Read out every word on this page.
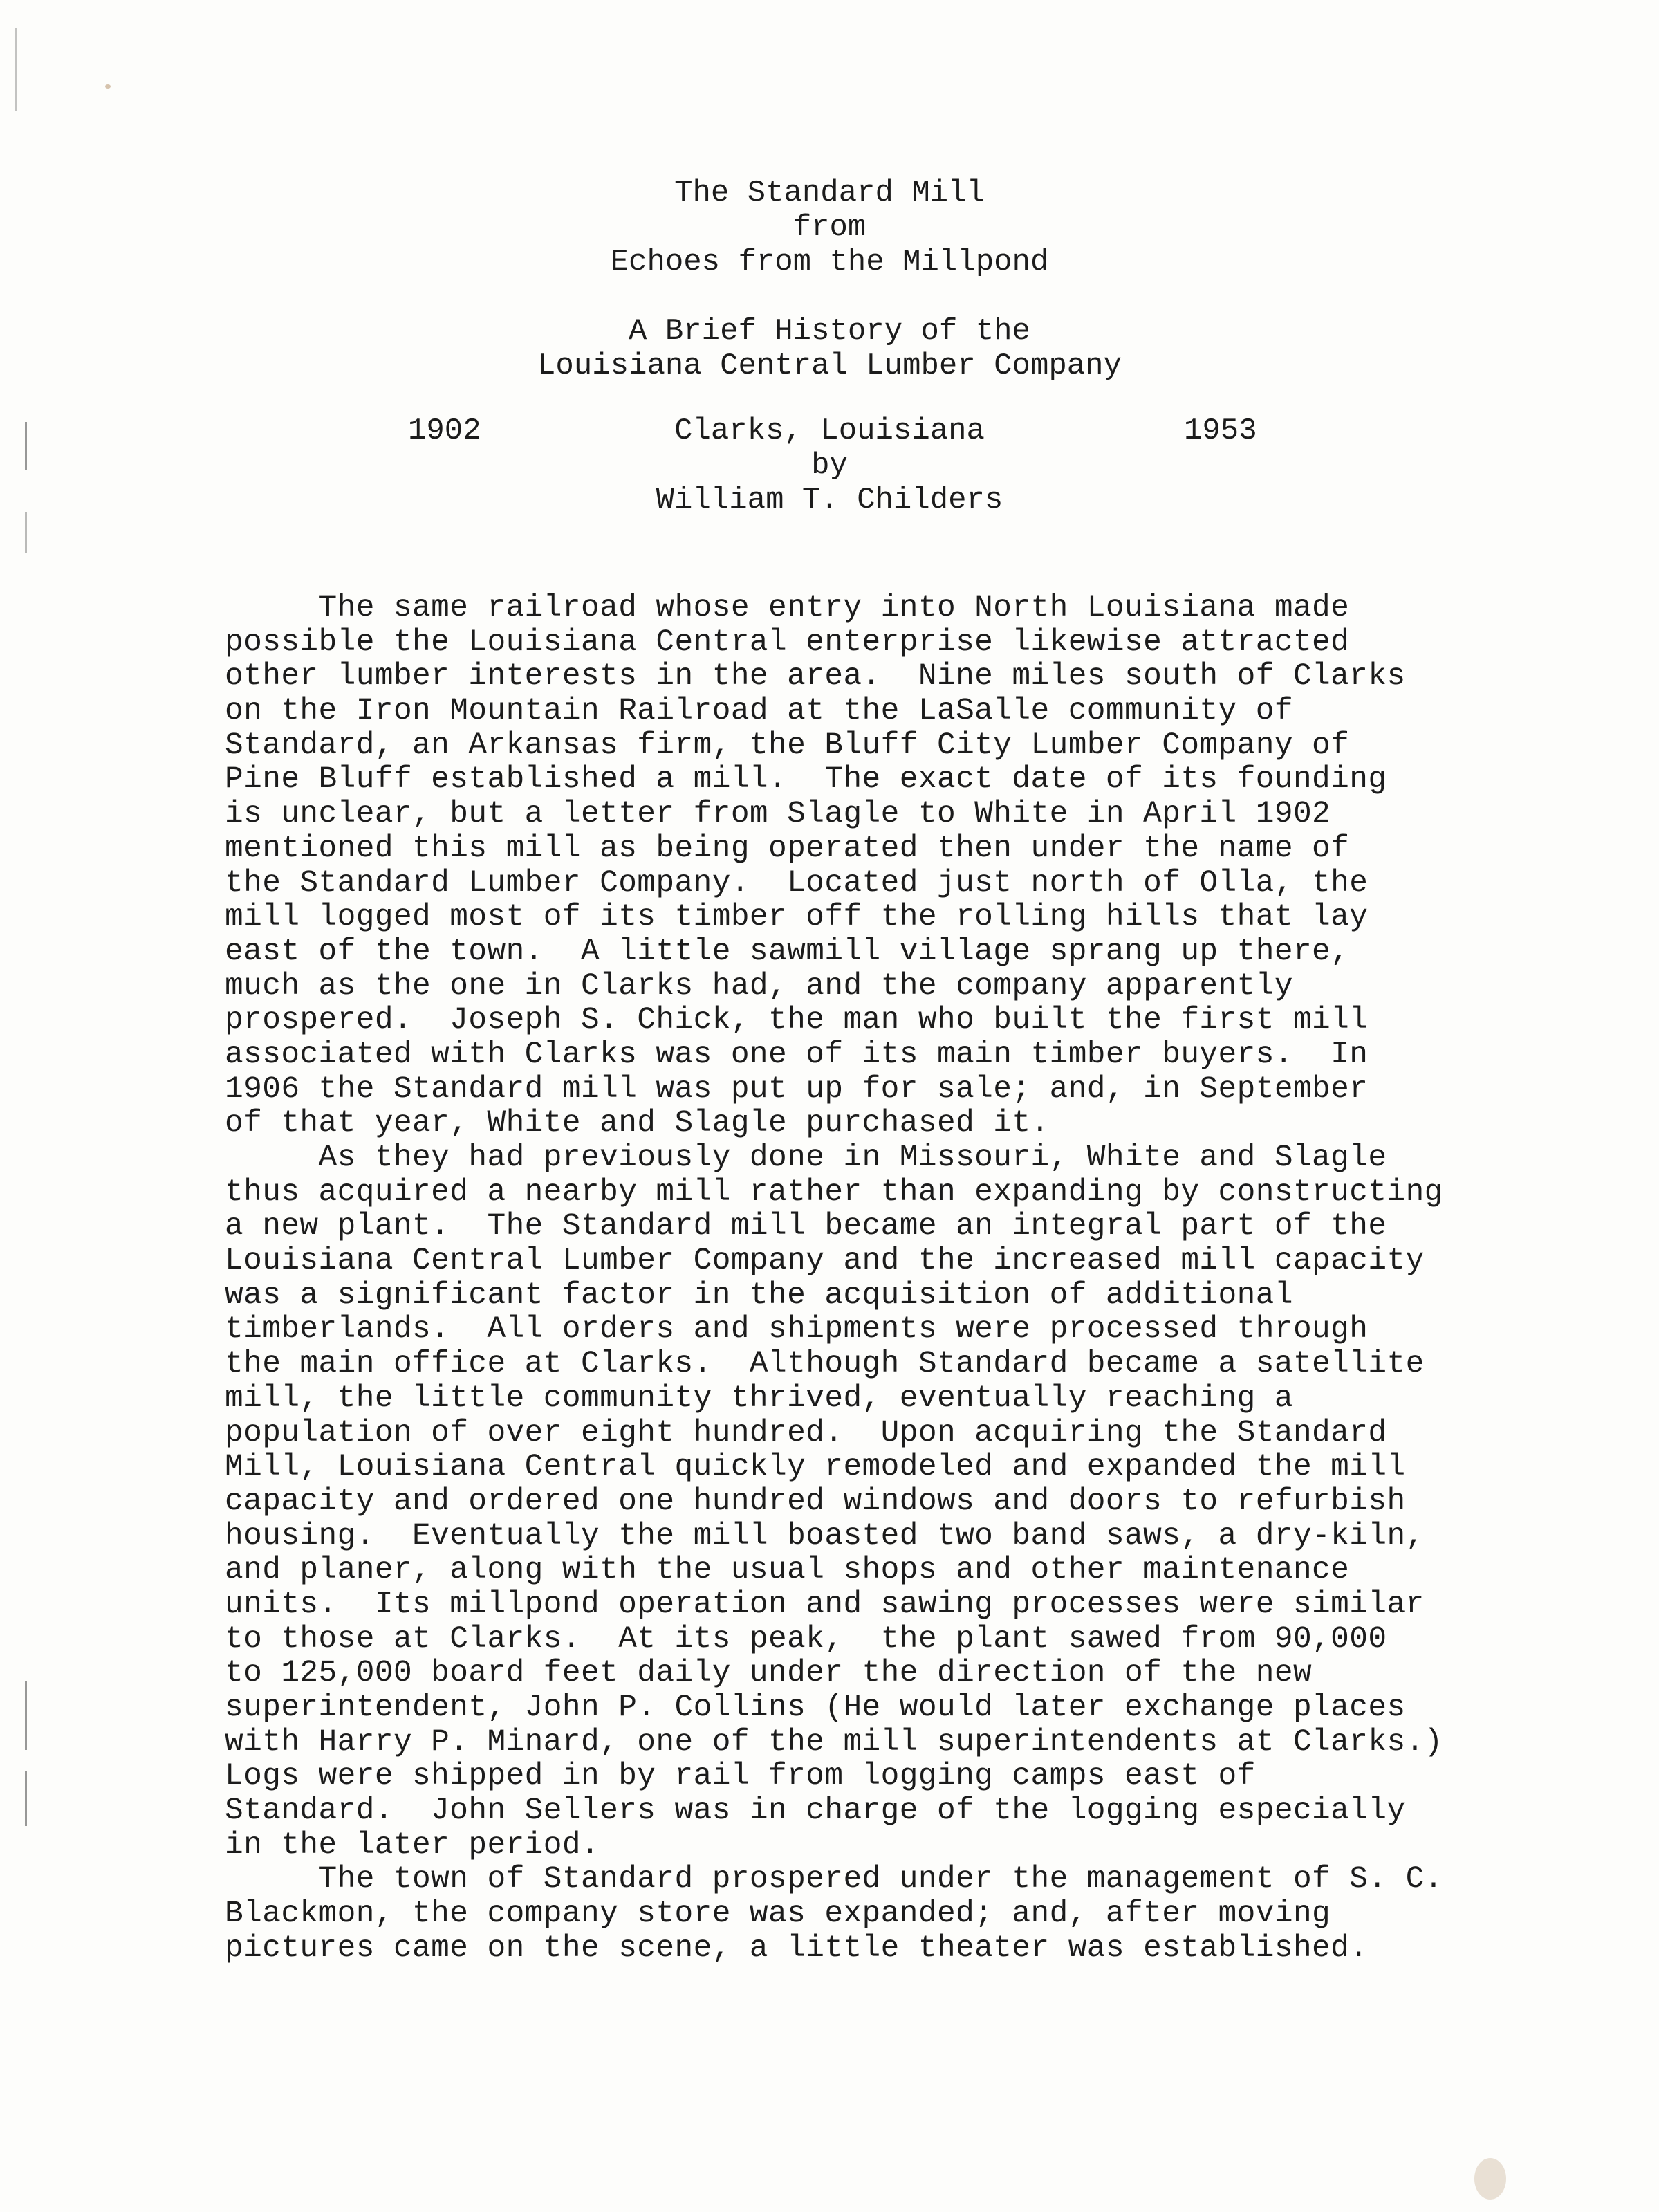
The Standard Mill
from
Echoes from the Millpond
A Brief History of the
Louisiana Central Lumber Company
1902	Clarks, Louisiana	1953
by
William T. Childers
The same railroad whose entry into North Louisiana made
possible the Louisiana Central enterprise likewise attracted
other lumber interests in the area.  Nine miles south of Clarks
on the Iron Mountain Railroad at the LaSalle community of
Standard, an Arkansas firm, the Bluff City Lumber Company of
Pine Bluff established a mill.  The exact date of its founding
is unclear, but a letter from Slagle to White in April 1902
mentioned this mill as being operated then under the name of
the Standard Lumber Company.  Located just north of Olla, the
mill logged most of its timber off the rolling hills that lay
east of the town.  A little sawmill village sprang up there,
much as the one in Clarks had, and the company apparently
prospered.  Joseph S. Chick, the man who built the first mill
associated with Clarks was one of its main timber buyers.  In
1906 the Standard mill was put up for sale; and, in September
of that year, White and Slagle purchased it.
As they had previously done in Missouri, White and Slagle
thus acquired a nearby mill rather than expanding by constructing
a new plant.  The Standard mill became an integral part of the
Louisiana Central Lumber Company and the increased mill capacity
was a significant factor in the acquisition of additional
timberlands.  All orders and shipments were processed through
the main office at Clarks.  Although Standard became a satellite
mill, the little community thrived, eventually reaching a
population of over eight hundred.  Upon acquiring the Standard
Mill, Louisiana Central quickly remodeled and expanded the mill
capacity and ordered one hundred windows and doors to refurbish
housing.  Eventually the mill boasted two band saws, a dry-kiln,
and planer, along with the usual shops and other maintenance
units.  Its millpond operation and sawing processes were similar
to those at Clarks.  At its peak,  the plant sawed from 90,000
to 125,000 board feet daily under the direction of the new
superintendent, John P. Collins (He would later exchange places
with Harry P. Minard, one of the mill superintendents at Clarks.)
Logs were shipped in by rail from logging camps east of
Standard.  John Sellers was in charge of the logging especially
in the later period.
The town of Standard prospered under the management of S. C.
Blackmon, the company store was expanded; and, after moving
pictures came on the scene, a little theater was established.
